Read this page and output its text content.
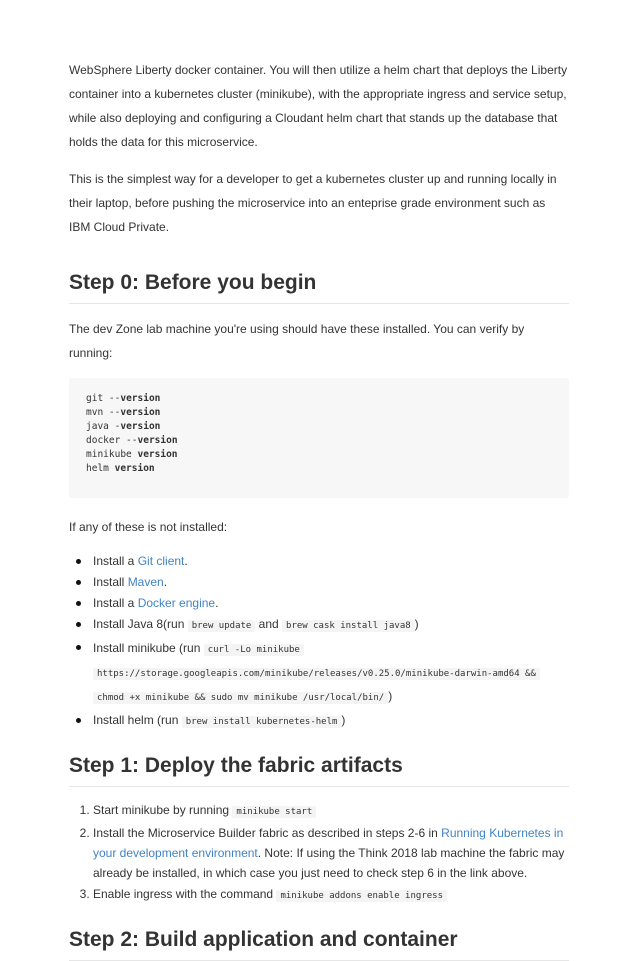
WebSphere Liberty docker container. You will then utilize a helm chart that deploys the Liberty container into a kubernetes cluster (minikube), with the appropriate ingress and service setup, while also deploying and configuring a Cloudant helm chart that stands up the database that holds the data for this microservice.

This is the simplest way for a developer to get a kubernetes cluster up and running locally in their laptop, before pushing the microservice into an enteprise grade environment such as IBM Cloud Private.

Step 0: Before you begin

The dev Zone lab machine you're using should have these installed. You can verify by running:

git --version
mvn --version
java -version
docker --version
minikube version
helm version

If any of these is not installed:

Install a Git client.
Install Maven.
Install a Docker engine.
Install Java 8(run brew update and brew cask install java8 )
Install minikube (run curl -Lo minikube
https://storage.googleapis.com/minikube/releases/v0.25.0/minikube-darwin-amd64 &&
chmod +x minikube && sudo mv minikube /usr/local/bin/ )
Install helm (run brew install kubernetes-helm )
Step 1: Deploy the fabric artifacts
1. Start minikube by running minikube start
2. Install the Microservice Builder fabric as described in steps 2-6 in Running Kubernetes in your development environment. Note: If using the Think 2018 lab machine the fabric may already be installed, in which case you just need to check step 6 in the link above.
3. Enable ingress with the command minikube addons enable ingress
Step 2: Build application and container
